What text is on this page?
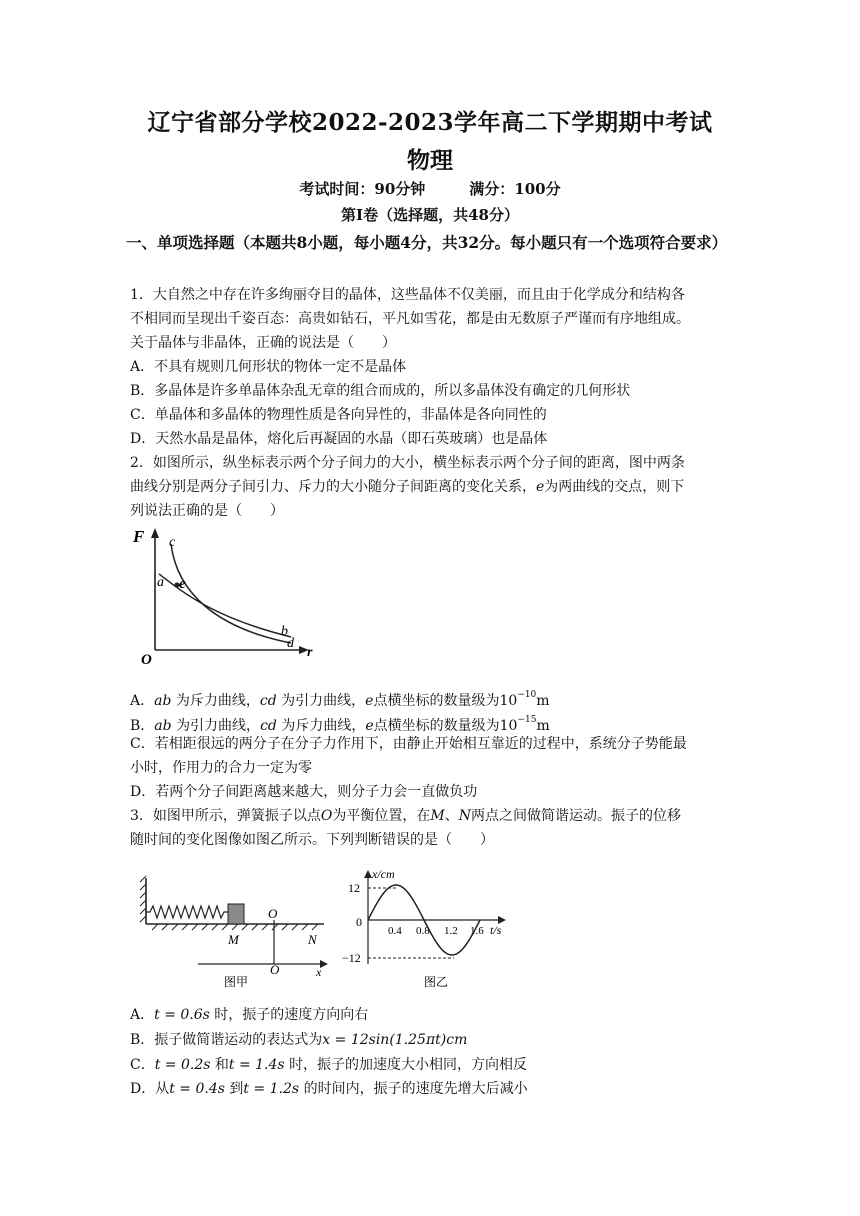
辽宁省部分学校2022-2023学年高二下学期期中考试
物理
考试时间：90分钟	满分：100分
第Ⅰ卷（选择题，共48分）
一、单项选择题（本题共8小题，每小题4分，共32分。每小题只有一个选项符合要求）
1．大自然之中存在许多绚丽夺目的晶体，这些晶体不仅美丽，而且由于化学成分和结构各
不相同而呈现出千姿百态：高贵如钻石，平凡如雪花，都是由无数原子严谨而有序地组成。
关于晶体与非晶体，正确的说法是（　　）
A．不具有规则几何形状的物体一定不是晶体
B．多晶体是许多单晶体杂乱无章的组合而成的，所以多晶体没有确定的几何形状
C．单晶体和多晶体的物理性质是各向异性的，非晶体是各向同性的
D．天然水晶是晶体，熔化后再凝固的水晶（即石英玻璃）也是晶体
2．如图所示，纵坐标表示两个分子间力的大小，横坐标表示两个分子间的距离，图中两条
曲线分别是两分子间引力、斥力的大小随分子间距离的变化关系，e为两曲线的交点，则下
列说法正确的是（　　）
F c
a e
b
d
O	r
A．ab 为斥力曲线，cd 为引力曲线，e点横坐标的数量级为$10^{-10}m$
B．ab 为引力曲线，cd 为斥力曲线，e点横坐标的数量级为$10^{-15}m$
C．若相距很远的两分子在分子力作用下，由静止开始相互靠近的过程中，系统分子势能最
小时，作用力的合力一定为零
D．若两个分子间距离越来越大，则分子力会一直做负功
3．如图甲所示，弹簧振子以点O为平衡位置，在M、N两点之间做简谐运动。振子的位移
随时间的变化图像如图乙所示。下列判断错误的是（　　）
O
M	N
O	x
图甲
x/cm
12
0
−12
0.4 0.8 1.2 1.6 t/s
图乙
A．t = 0.6s 时，振子的速度方向向右
B．振子做简谐运动的表达式为x = 12sin(1.25πt)cm
C．t = 0.2s 和t = 1.4s 时，振子的加速度大小相同，方向相反
D．从t = 0.4s 到t = 1.2s 的时间内，振子的速度先增大后减小
